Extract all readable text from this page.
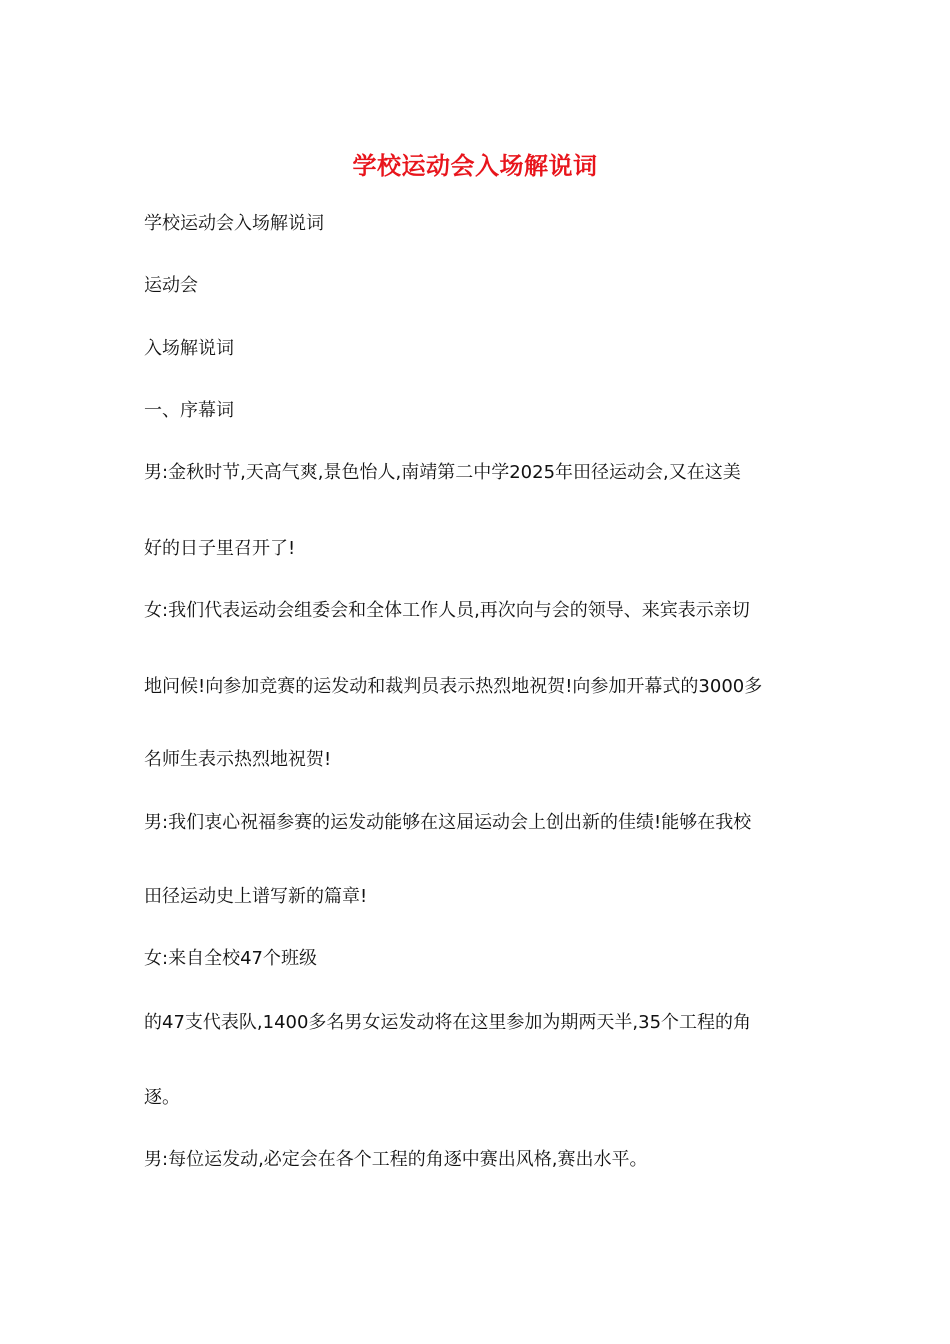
学校运动会入场解说词

学校运动会入场解说词

运动会

入场解说词

一、序幕词

男:金秋时节,天高气爽,景色怡人,南靖第二中学2025年田径运动会,又在这美

好的日子里召开了!

女:我们代表运动会组委会和全体工作人员,再次向与会的领导、来宾表示亲切

地问候!向参加竞赛的运发动和裁判员表示热烈地祝贺!向参加开幕式的3000多

名师生表示热烈地祝贺!

男:我们衷心祝福参赛的运发动能够在这届运动会上创出新的佳绩!能够在我校

田径运动史上谱写新的篇章!

女:来自全校47个班级

的47支代表队,1400多名男女运发动将在这里参加为期两天半,35个工程的角

逐。

男:每位运发动,必定会在各个工程的角逐中赛出风格,赛出水平。
